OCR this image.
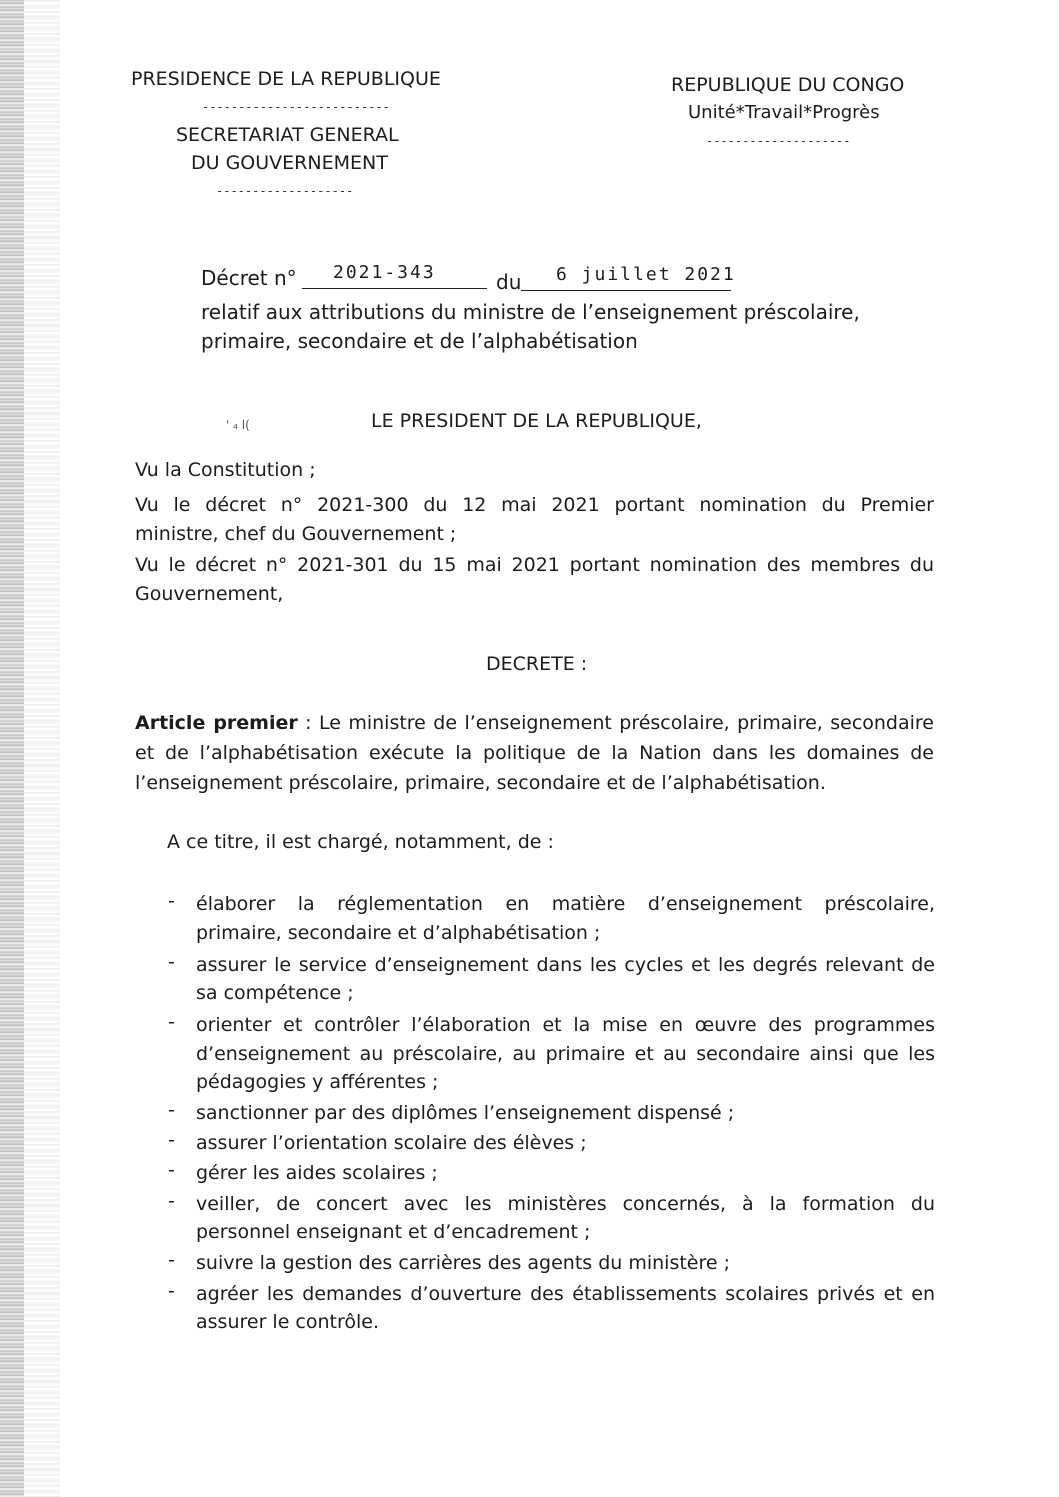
PRESIDENCE DE LA REPUBLIQUE
--------------------------
SECRETARIAT GENERAL
DU GOUVERNEMENT
-------------------
REPUBLIQUE DU CONGO
Unité*Travail*Progrès
--------------------
Décret n° 2021-343	du 6 juillet 2021
relatif aux attributions du ministre de l’enseignement préscolaire,
primaire, secondaire et de l’alphabétisation
' ₄ l(	LE PRESIDENT DE LA REPUBLIQUE,
Vu la Constitution ;
Vu le décret n° 2021-300 du 12 mai 2021 portant nomination du Premier
ministre, chef du Gouvernement ;
Vu le décret n° 2021-301 du 15 mai 2021 portant nomination des membres du
Gouvernement,
DECRETE :
Article premier : Le ministre de l’enseignement préscolaire, primaire, secondaire
et de l’alphabétisation exécute la politique de la Nation dans les domaines de
l’enseignement préscolaire, primaire, secondaire et de l’alphabétisation.
A ce titre, il est chargé, notamment, de :
- élaborer la réglementation en matière d’enseignement préscolaire,
primaire, secondaire et d’alphabétisation ;
- assurer le service d’enseignement dans les cycles et les degrés relevant de
sa compétence ;
- orienter et contrôler l’élaboration et la mise en œuvre des programmes
d’enseignement au préscolaire, au primaire et au secondaire ainsi que les
pédagogies y afférentes ;
- sanctionner par des diplômes l’enseignement dispensé ;
- assurer l’orientation scolaire des élèves ;
- gérer les aides scolaires ;
- veiller, de concert avec les ministères concernés, à la formation du
personnel enseignant et d’encadrement ;
- suivre la gestion des carrières des agents du ministère ;
- agréer les demandes d’ouverture des établissements scolaires privés et en
assurer le contrôle.
